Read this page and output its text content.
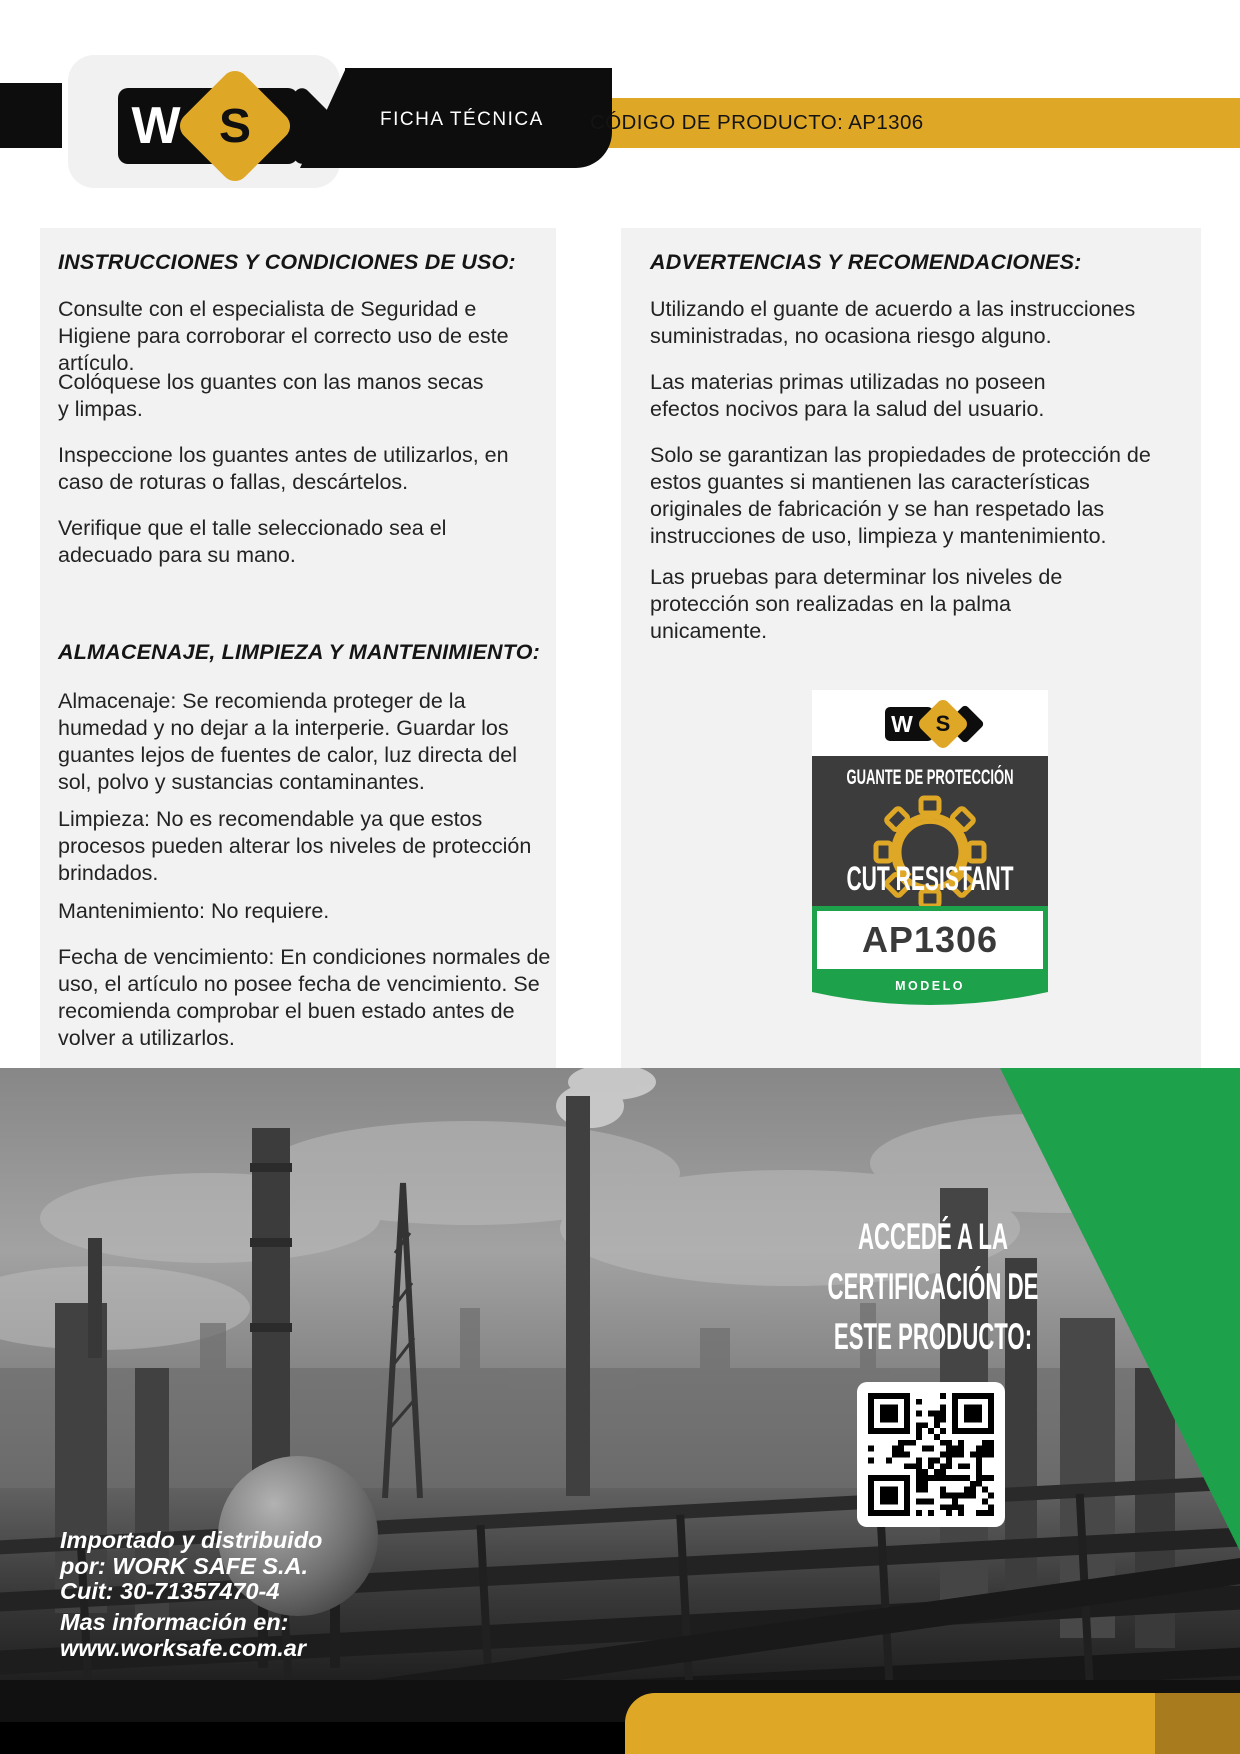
W S	FICHA TÉCNICA CÓDIGO DE PRODUCTO: AP1306
INSTRUCCIONES Y CONDICIONES DE USO:
Consulte con el especialista de Seguridad e Higiene para corroborar el correcto uso de este artículo.
Colóquese los guantes con las manos secas y limpas.
Inspeccione los guantes antes de utilizarlos, en caso de roturas o fallas, descártelos.
Verifique que el talle seleccionado sea el adecuado para su mano.
ALMACENAJE, LIMPIEZA Y MANTENIMIENTO:
Almacenaje: Se recomienda proteger de la humedad y no dejar a la interperie. Guardar los guantes lejos de fuentes de calor, luz directa del sol, polvo y sustancias contaminantes.
Limpieza: No es recomendable ya que estos procesos pueden alterar los niveles de protección brindados.
Mantenimiento: No requiere.
Fecha de vencimiento: En condiciones normales de uso, el artículo no posee fecha de vencimiento. Se recomienda comprobar el buen estado antes de volver a utilizarlos.
ADVERTENCIAS Y RECOMENDACIONES:
Utilizando el guante de acuerdo a las instrucciones suministradas, no ocasiona riesgo alguno.
Las materias primas utilizadas no poseen efectos nocivos para la salud del usuario.
Solo se garantizan las propiedades de protección de estos guantes si mantienen las características originales de fabricación y se han respetado las instrucciones de uso, limpieza y mantenimiento.
Las pruebas para determinar los niveles de protección son realizadas en la palma unicamente.
W	S
GUANTE DE PROTECCIÓN
CUT RESISTANT
AP1306
MODELO
ACCEDÉ A LA
CERTIFICACIÓN DE
ESTE PRODUCTO:
Importado y distribuido
por: WORK SAFE S.A.
Cuit: 30-71357470-4
Mas información en:
www.worksafe.com.ar
